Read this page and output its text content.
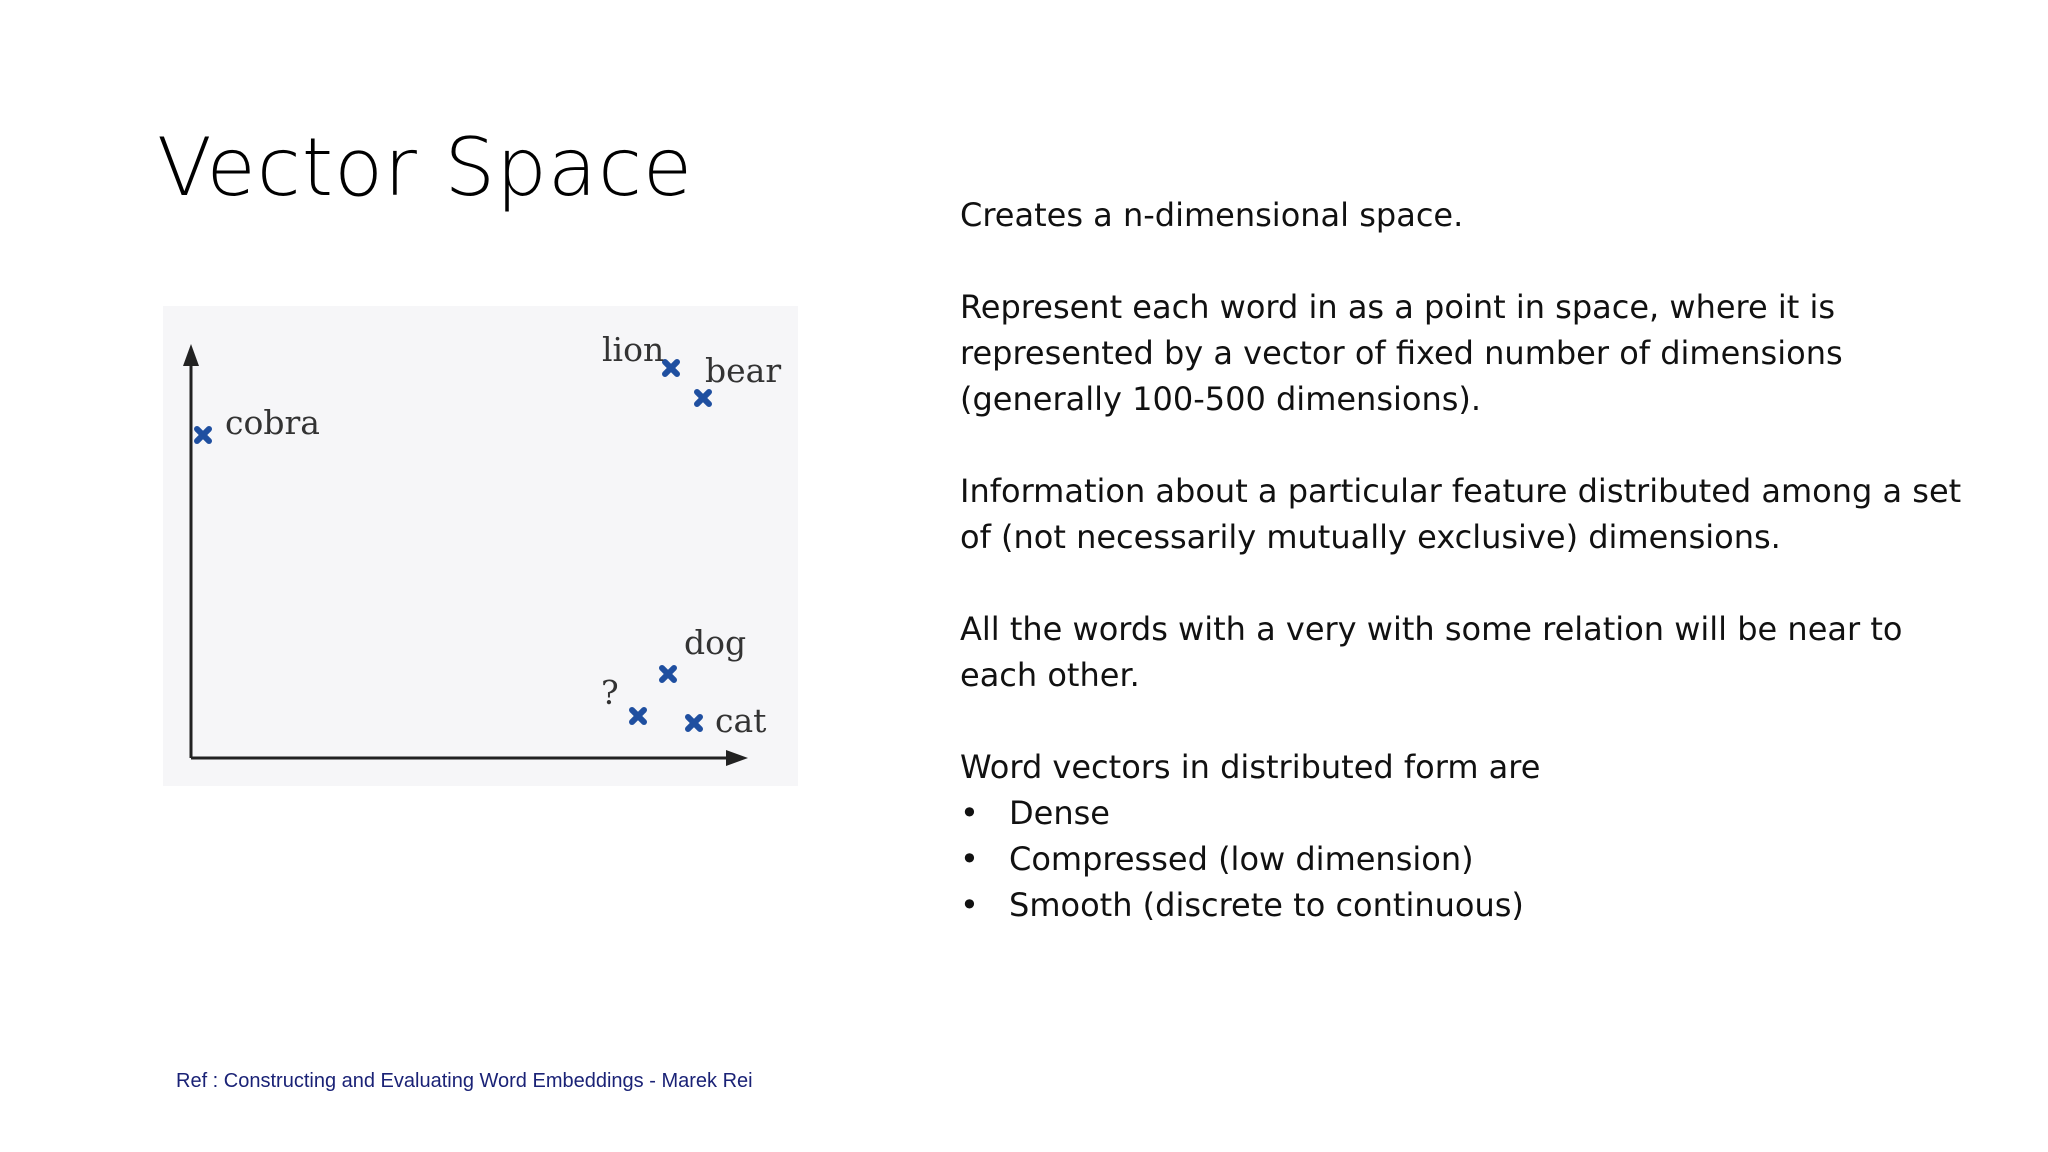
Vector Space
cobra
lion
bear
dog
?
cat

Creates a n-dimensional space.

Represent each word in as a point in space, where it is represented by a vector of fixed number of dimensions (generally 100-500 dimensions).

Information about a particular feature distributed among a set of (not necessarily mutually exclusive) dimensions.

All the words with a very with some relation will be near to each other.

Word vectors in distributed form are

• Dense
• Compressed (low dimension)
• Smooth (discrete to continuous)
Ref : Constructing and Evaluating Word Embeddings - Marek Rei
